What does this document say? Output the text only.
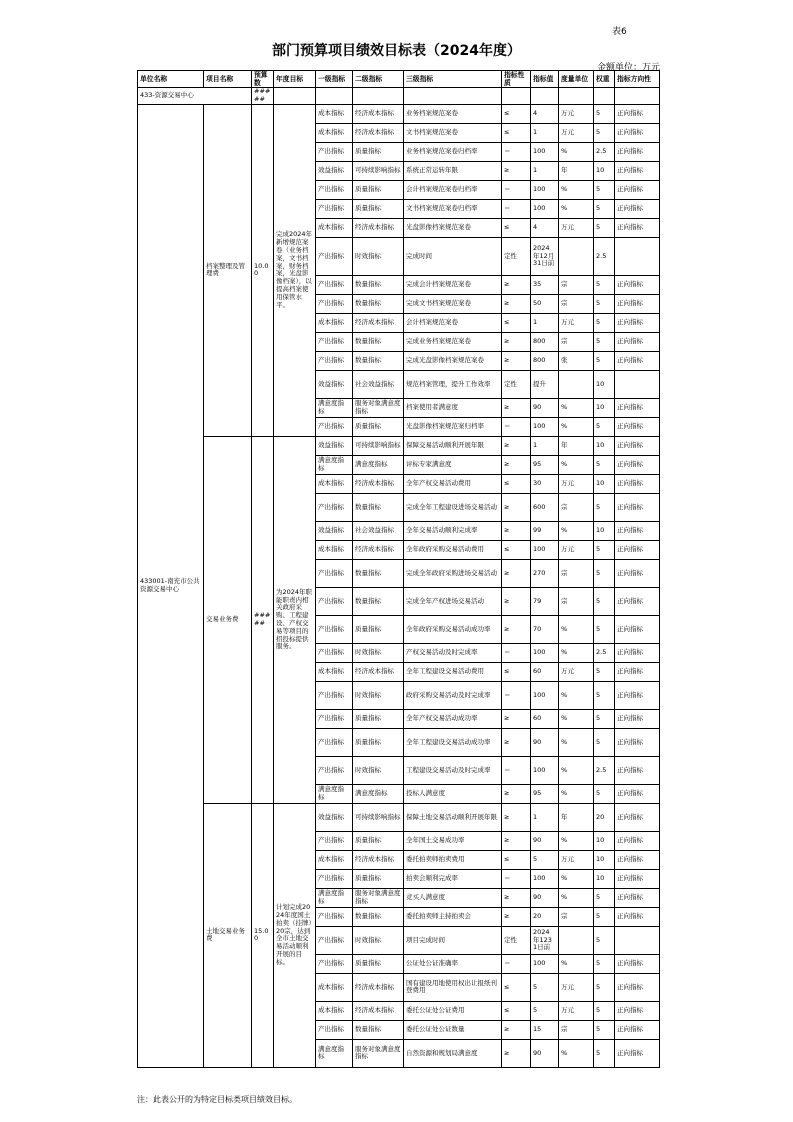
表6
部门预算项目绩效目标表（2024年度）
金额单位：万元
单位名称	项目名称	预算数	年度目标	一级指标	二级指标	三级指标	指标性质	指标值	度量单位	权重	指标方向性
433-资源交易中心		#####									
433001-南充市公共资源交易中心	档案整理及管理费	10.00	完成2024年新增规范案卷（业务档案，文书档案，财务档案，光盘影像档案），以提高档案使用保管水平。	成本指标	经济成本指标	业务档案规范案卷	≤	4	万元	5	正向指标
				成本指标	经济成本指标	文书档案规范案卷	≤	1	万元	5	正向指标
				产出指标	质量指标	业务档案规范案卷归档率	＝	100	%	2.5	正向指标
				效益指标	可持续影响指标	系统正常运转年限	≥	1	年	10	正向指标
				产出指标	质量指标	会计档案规范案卷归档率	＝	100	%	5	正向指标
				产出指标	质量指标	文书档案规范案卷归档率	＝	100	%	5	正向指标
				成本指标	经济成本指标	光盘影像档案规范案卷	≤	4	万元	5	正向指标
				产出指标	时效指标	完成时间	定性	2024年12月31日前		2.5	
				产出指标	数量指标	完成会计档案规范案卷	≥	35	宗	5	正向指标
				产出指标	数量指标	完成文书档案规范案卷	≥	50	宗	5	正向指标
				成本指标	经济成本指标	会计档案规范案卷	≤	1	万元	5	正向指标
				产出指标	数量指标	完成业务档案规范案卷	≥	800	宗	5	正向指标
				产出指标	数量指标	完成光盘影像档案规范案卷	≥	800	张	5	正向指标
				效益指标	社会效益指标	规范档案管理，提升工作效率	定性	提升		10	
				满意度指标	服务对象满意度指标	档案使用者满意度	≥	90	%	10	正向指标
				产出指标	质量指标	光盘影像档案规范案归档率	＝	100	%	5	正向指标
	交易业务费	#####	为2024年职能职责内相关政府采购、工程建设、产权交易等项目的招投标提供服务。	效益指标	可持续影响指标	保障交易活动顺利开展年限	≥	1	年	10	正向指标
				满意度指标	满意度指标	评标专家满意度	≥	95	%	5	正向指标
				成本指标	经济成本指标	全年产权交易活动费用	≤	30	万元	10	正向指标
				产出指标	数量指标	完成全年工程建设进场交易活动	≥	600	宗	5	正向指标
				效益指标	社会效益指标	全年交易活动顺利完成率	≥	99	%	10	正向指标
				成本指标	经济成本指标	全年政府采购交易活动费用	≤	100	万元	5	正向指标
				产出指标	数量指标	完成全年政府采购进场交易活动	≥	270	宗	5	正向指标
				产出指标	数量指标	完成全年产权进场交易活动	≥	79	宗	5	正向指标
				产出指标	质量指标	全年政府采购交易活动成功率	≥	70	%	5	正向指标
				产出指标	时效指标	产权交易活动及时完成率	＝	100	%	2.5	正向指标
				成本指标	经济成本指标	全年工程建设交易活动费用	≤	60	万元	5	正向指标
				产出指标	时效指标	政府采购交易活动及时完成率	＝	100	%	5	正向指标
				产出指标	质量指标	全年产权交易活动成功率	≥	60	%	5	正向指标
				产出指标	质量指标	全年工程建设交易活动成功率	≥	90	%	5	正向指标
				产出指标	时效指标	工程建设交易活动及时完成率	＝	100	%	2.5	正向指标
				满意度指标	满意度指标	投标人满意度	≥	95	%	5	正向指标
	土地交易业务费	15.00	计划完成2024年度国土拍卖（挂牌）20宗，达到全市土地交易活动顺利开展的目标。	效益指标	可持续影响指标	保障土地交易活动顺利开展年限	≥	1	年	20	正向指标
				产出指标	质量指标	全年国土交易成功率	≥	90	%	10	正向指标
				成本指标	经济成本指标	委托拍卖师拍卖费用	≤	5	万元	10	正向指标
				产出指标	质量指标	拍卖会顺利完成率	＝	100	%	10	正向指标
				满意度指标	服务对象满意度指标	竞买人满意度	≥	90	%	5	正向指标
				产出指标	数量指标	委托拍卖师主持拍卖会	≥	20	宗	5	正向指标
				产出指标	时效指标	项目完成时间	定性	2024年1231日前		5	
				产出指标	质量指标	公证处公证准确率	＝	100	%	5	正向指标
				成本指标	经济成本指标	国有建设用地使用权出让报纸刊登费用	≤	5	万元	5	正向指标
				成本指标	经济成本指标	委托公证处公证费用	≤	5	万元	5	正向指标
				产出指标	数量指标	委托公证处公证数量	≥	15	宗	5	正向指标
				满意度指标	服务对象满意度指标	自然资源和规划局满意度	≥	90	%	5	正向指标
注：此表公开的为特定目标类项目绩效目标。
